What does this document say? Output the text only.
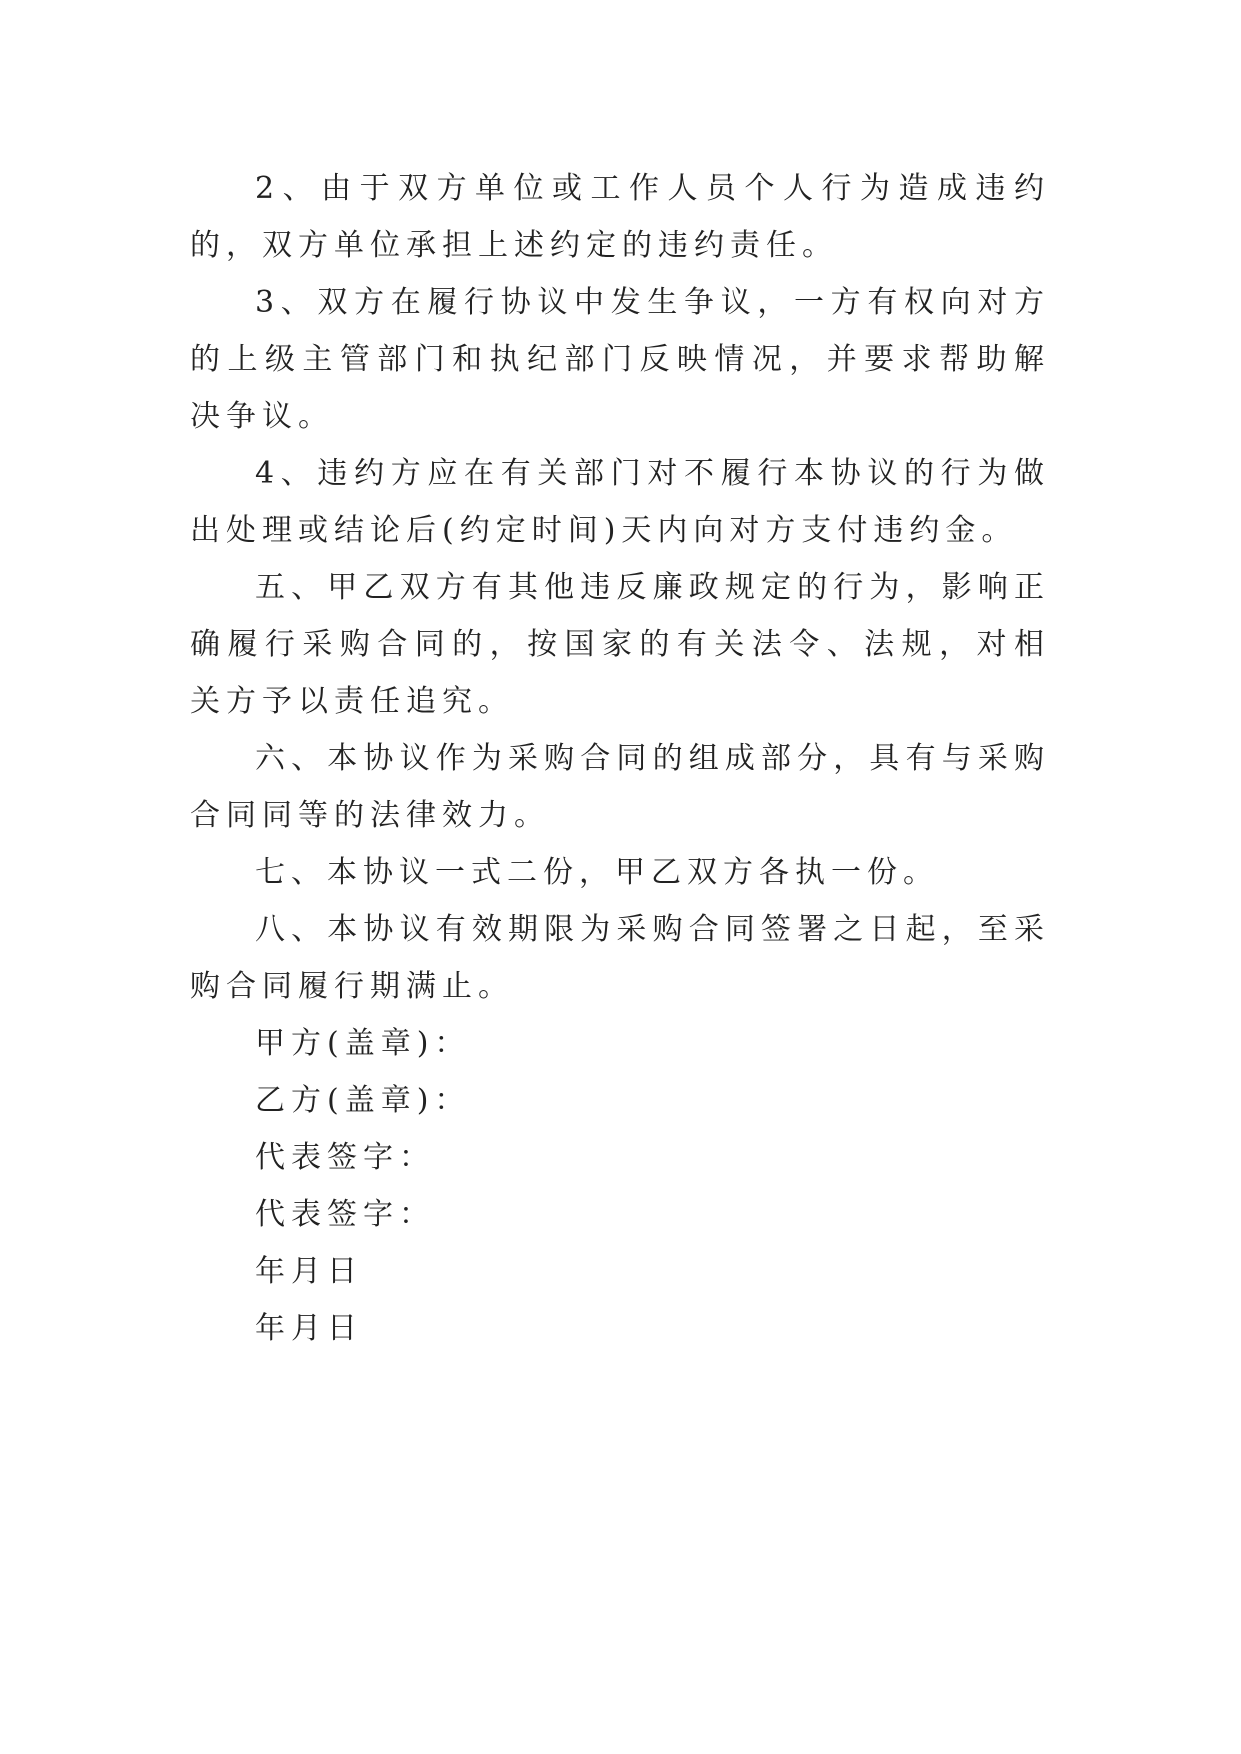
2、由于双方单位或工作人员个人行为造成违约的，双方单位承担上述约定的违约责任。

3、双方在履行协议中发生争议，一方有权向对方的上级主管部门和执纪部门反映情况，并要求帮助解决争议。

4、违约方应在有关部门对不履行本协议的行为做出处理或结论后(约定时间)天内向对方支付违约金。

五、甲乙双方有其他违反廉政规定的行为，影响正确履行采购合同的，按国家的有关法令、法规，对相关方予以责任追究。

六、本协议作为采购合同的组成部分，具有与采购合同同等的法律效力。

七、本协议一式二份，甲乙双方各执一份。

八、本协议有效期限为采购合同签署之日起，至采购合同履行期满止。

甲方(盖章)：

乙方(盖章)：

代表签字：

代表签字：

年月日

年月日
